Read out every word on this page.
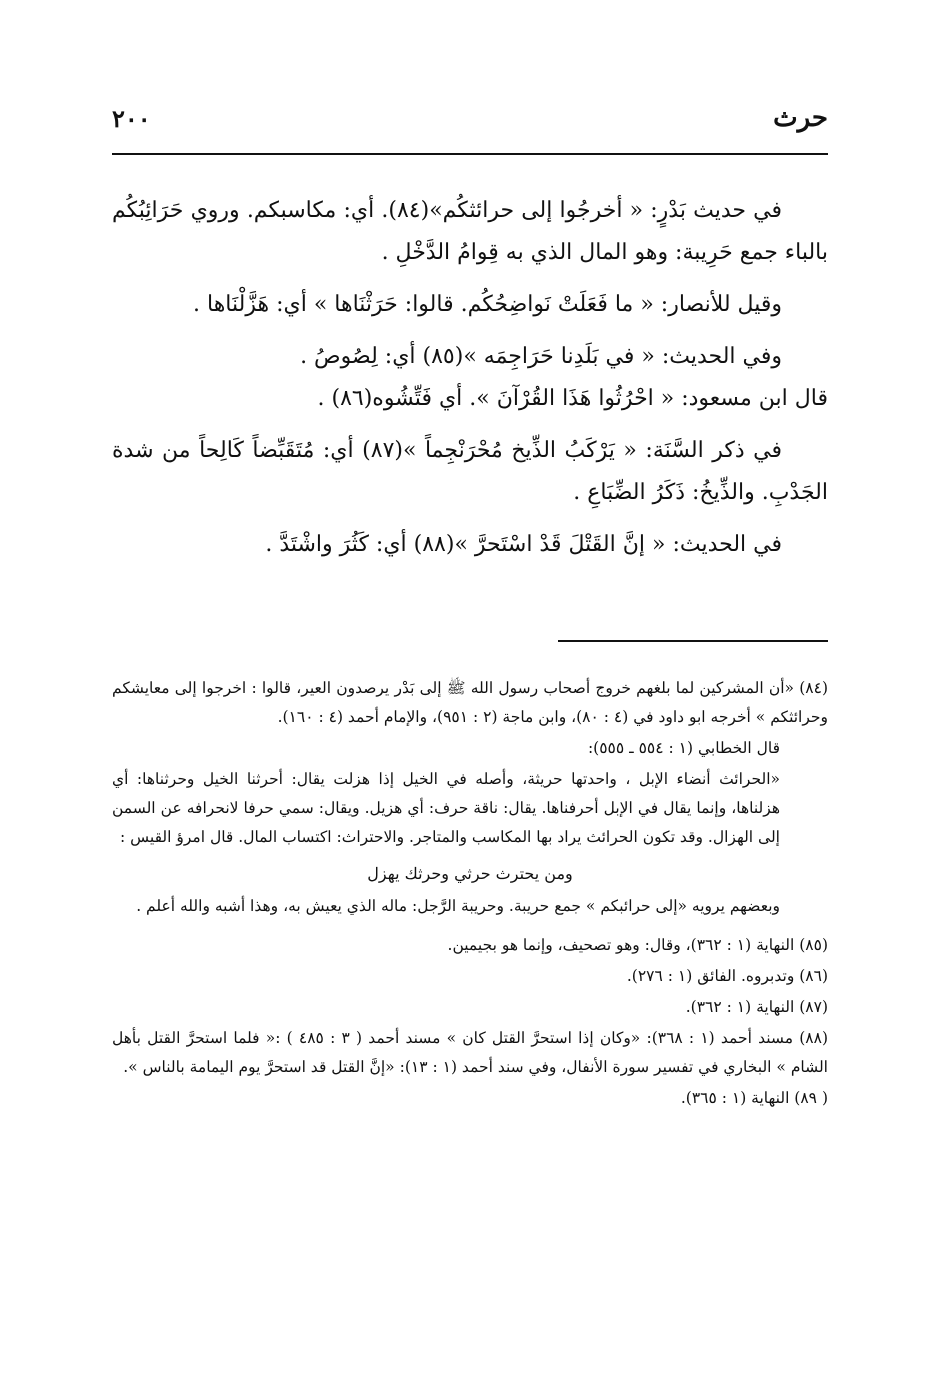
حرث
٢٠٠

في حديث بَدْرٍ: « أخرجُوا إلى حرائثكُم»(٨٤). أي: مكاسبكم. وروي حَرَائِبُكُم بالباء جمع حَرِيبة: وهو المال الذي به قِوامُ الدَّخْلِ .

وقيل للأنصار: « ما فَعَلَتْ نَواضِحُكُم. قالوا: حَرَثْنَاها » أي: هَزَّلْنَاها .

وفي الحديث: « في بَلَدِنا حَرَاجِمَه »(٨٥) أي: لِصُوصُ .

قال ابن مسعود: « احْرُثُوا هَذَا القُرْآنَ ». أي فَتِّشُوه(٨٦) .

في ذكر السَّنَة: « يَرْكَبُ الذِّيخ مُحْرَنْجِماً »(٨٧) أي: مُتَقَبِّضاً كَالِحاً من شدة الجَدْبِ. والذِّيخُ: ذَكَرُ الضِّبَاعِ .

في الحديث: « إنَّ القَتْلَ قَدْ اسْتَحرَّ »(٨٨) أي: كَثُرَ واشْتَدَّ .

(٨٤) «أن المشركين لما بلغهم خروج أصحاب رسول الله ﷺ إلى بَدْر يرصدون العير، قالوا : اخرجوا إلى معايشكم وحرائثكم » أخرجه ابو داود في (٤ : ٨٠)، وابن ماجة (٢ : ٩٥١)، والإمام أحمد (٤ : ١٦٠).

قال الخطابي (١ : ٥٥٤ ـ ٥٥٥):

«الحرائث أنضاء الإبل ، واحدتها حريثة، وأصله في الخيل إذا هزلت يقال: أحرثنا الخيل وحرثناها: أي هزلناها، وإنما يقال في الإبل أحرفناها. يقال: ناقة حرف: أي هزيل. ويقال: سمي حرفا لانحرافه عن السمن إلى الهزال. وقد تكون الحرائث يراد بها المكاسب والمتاجر. والاحتراث: اكتساب المال. قال امرؤ القيس :

ومن يحترث حرثي وحرثك يهزل

وبعضهم يرويه «إلى حرائبكم » جمع حريبة. وحريبة الرَّجل: ماله الذي يعيش به، وهذا أشبه والله أعلم .

(٨٥) النهاية (١ : ٣٦٢)، وقال: وهو تصحيف، وإنما هو بجيمين.

(٨٦) وتدبروه. الفائق (١ : ٢٧٦).

(٨٧) النهاية (١ : ٣٦٢).

(٨٨) مسند أحمد (١ : ٣٦٨): «وكان إذا استحرَّ القتل كان » مسند أحمد ( ٣ : ٤٨٥ ) :« فلما استحرَّ القتل بأهل الشام » البخاري في تفسير سورة الأنفال، وفي سند أحمد (١ : ١٣): «إنَّ القتل قد استحرَّ يوم اليمامة بالناس ».

( ٨٩) النهاية (١ : ٣٦٥).
